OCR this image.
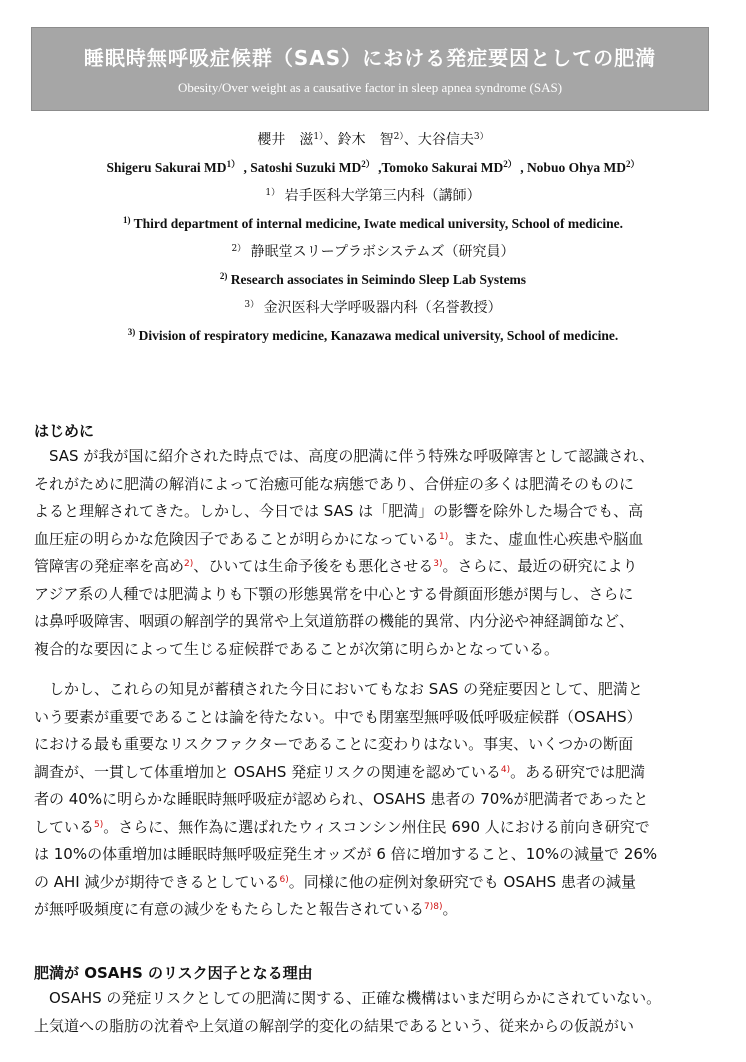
睡眠時無呼吸症候群（SAS）における発症要因としての肥満
Obesity/Over weight as a causative factor in sleep apnea syndrome (SAS)
櫻井　滋$^{1)}$、鈴木　智$^{2)}$、大谷信夫$^{3)}$
Shigeru Sakurai $MD^{1)}$ , Satoshi Suzuki $MD^{2)}$ ,Tomoko Sakurai $MD^{2)}$ , Nobuo Ohya $MD^{2)}$
$^{1)}$ 岩手医科大学第三内科（講師）
$^{1)}$ Third department of internal medicine, Iwate medical university, School of medicine.
$^{2)}$ 静眠堂スリープラボシステムズ（研究員）
$^{2)}$ Research associates in Seimindo Sleep Lab Systems
$^{3)}$ 金沢医科大学呼吸器内科（名誉教授）
$^{3)}$ Division of respiratory medicine, Kanazawa medical university, School of medicine.
はじめに
　SAS が我が国に紹介された時点では、高度の肥満に伴う特殊な呼吸障害として認識され、
それがために肥満の解消によって治癒可能な病態であり、合併症の多くは肥満そのものに
よると理解されてきた。しかし、今日では SAS は「肥満」の影響を除外した場合でも、高
血圧症の明らかな危険因子であることが明らかになっている$^{1)}$。また、虚血性心疾患や脳血
管障害の発症率を高め$^{2)}$、ひいては生命予後をも悪化させる$^{3)}$。さらに、最近の研究により
アジア系の人種では肥満よりも下顎の形態異常を中心とする骨顔面形態が関与し、さらに
は鼻呼吸障害、咽頭の解剖学的異常や上気道筋群の機能的異常、内分泌や神経調節など、
複合的な要因によって生じる症候群であることが次第に明らかとなっている。
　しかし、これらの知見が蓄積された今日においてもなお SAS の発症要因として、肥満と
いう要素が重要であることは論を待たない。中でも閉塞型無呼吸低呼吸症候群（OSAHS）
における最も重要なリスクファクターであることに変わりはない。事実、いくつかの断面
調査が、一貫して体重増加と OSAHS 発症リスクの関連を認めている$^{4)}$。ある研究では肥満
者の 40%に明らかな睡眠時無呼吸症が認められ、OSAHS 患者の 70%が肥満者であったと
している$^{5)}$。さらに、無作為に選ばれたウィスコンシン州住民 690 人における前向き研究で
は 10%の体重増加は睡眠時無呼吸症発生オッズが 6 倍に増加すること、10%の減量で 26%
の AHI 減少が期待できるとしている$^{6)}$。同様に他の症例対象研究でも OSAHS 患者の減量
が無呼吸頻度に有意の減少をもたらしたと報告されている$^{7)8)}$。
肥満が OSAHS のリスク因子となる理由
　OSAHS の発症リスクとしての肥満に関する、正確な機構はいまだ明らかにされていない。
上気道への脂肪の沈着や上気道の解剖学的変化の結果であるという、従来からの仮説がい
